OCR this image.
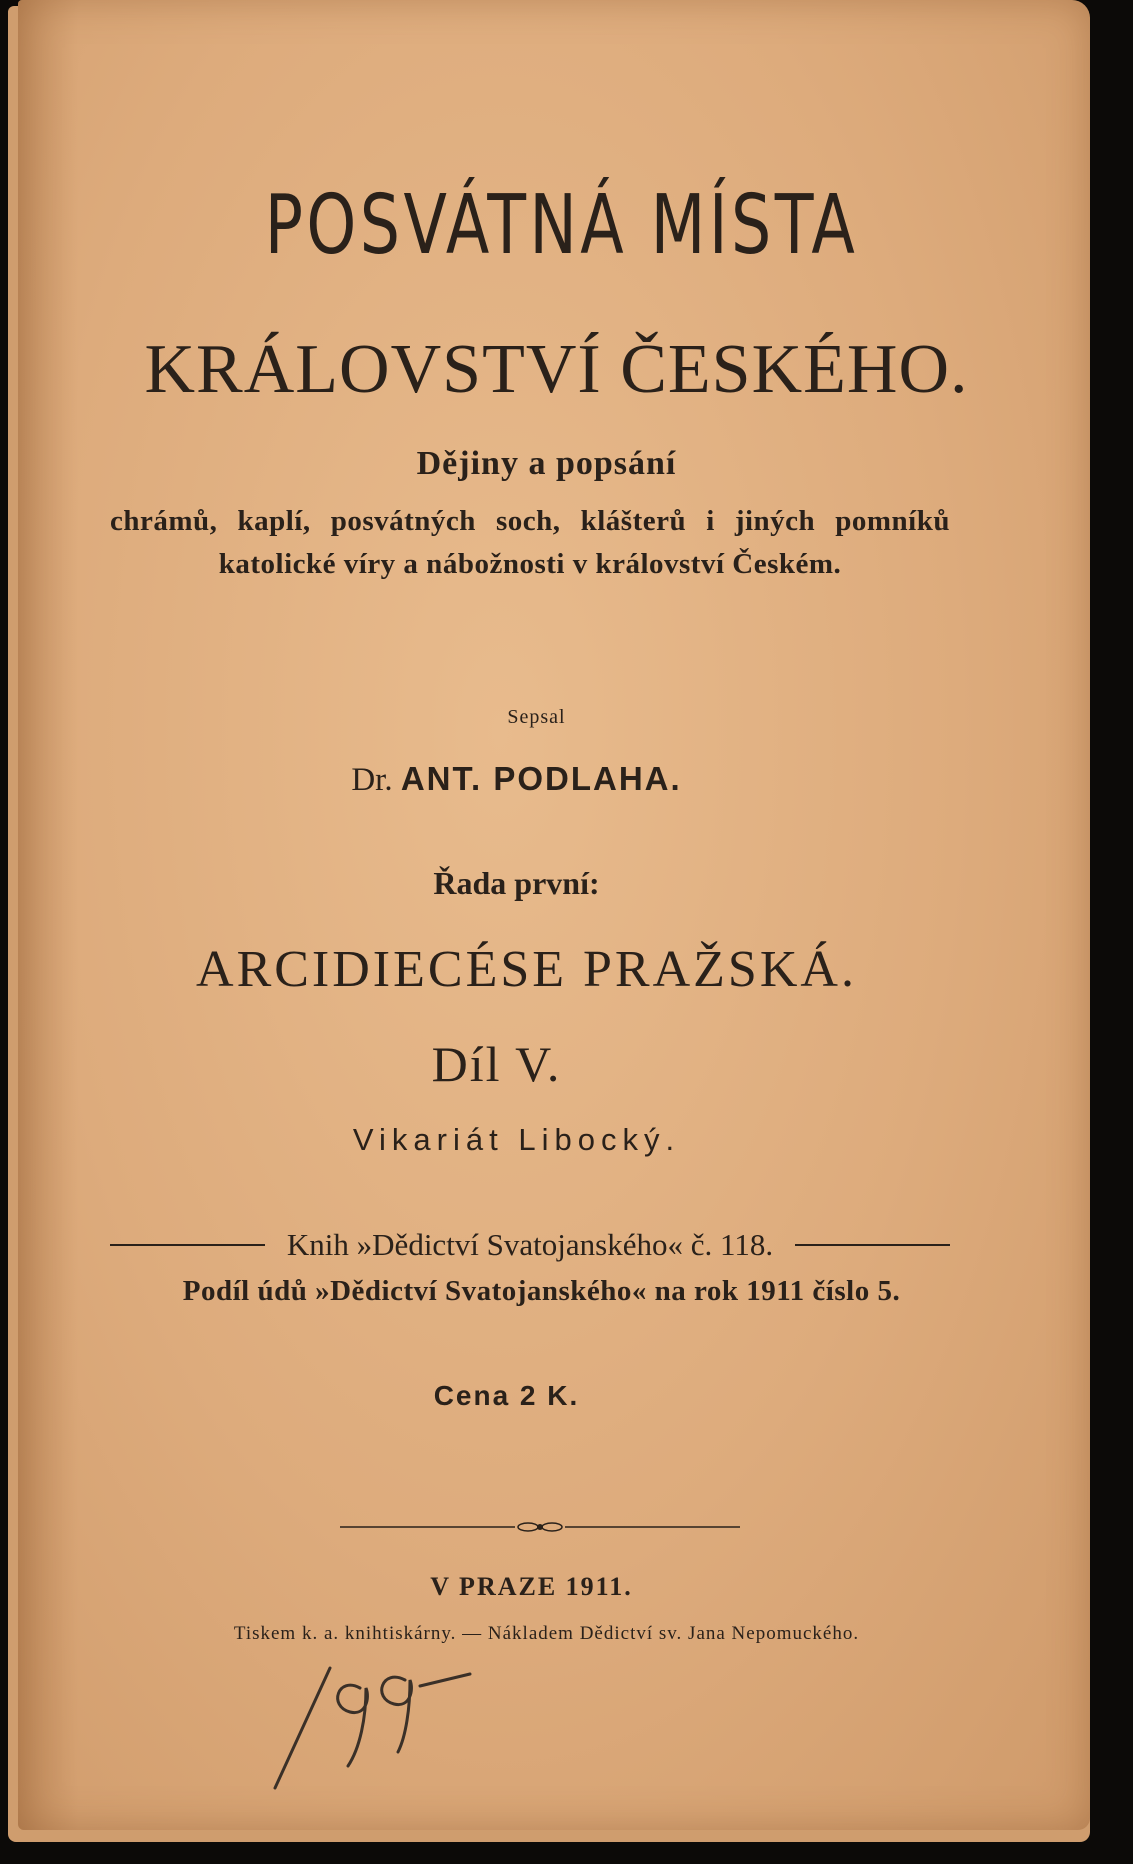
POSVÁTNÁ MÍSTA
KRÁLOVSTVÍ ČESKÉHO.
Dějiny a popsání
chrámů, kaplí, posvátných soch, klášterů i jiných pomníků katolické víry a nábožnosti v království Českém.
Sepsal
Dr. ANT. PODLAHA.
Řada první:
ARCIDIECÉSE PRAŽSKÁ.
Díl V.
Vikariát Libocký.
Knih »Dědictví Svatojanského« č. 118.
Podíl údů »Dědictví Svatojanského« na rok 1911 číslo 5.
Cena 2 K.
V PRAZE 1911.
Tiskem k. a. knihtiskárny. — Nákladem Dědictví sv. Jana Nepomuckého.
